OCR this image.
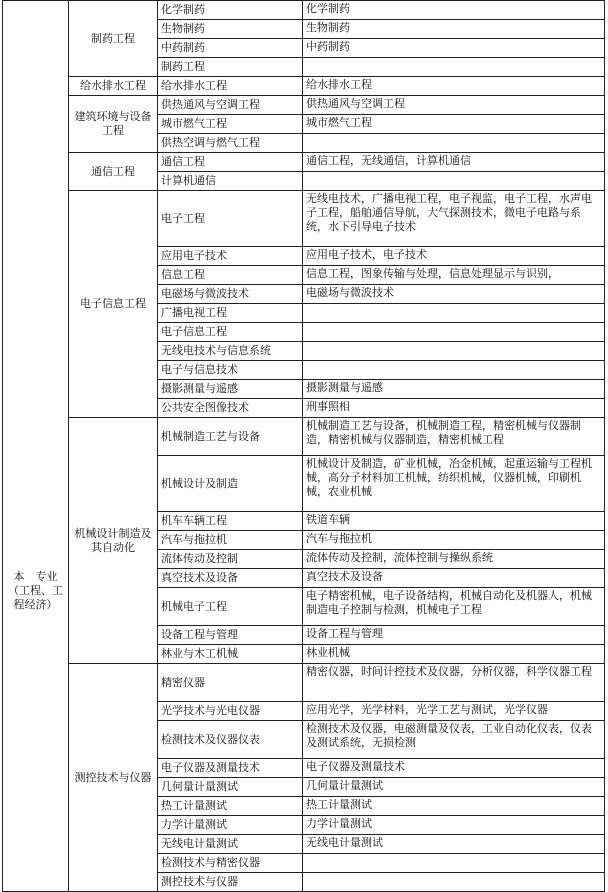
本　专业（工程、工程经济）	制药工程	化学制药	化学制药
		生物制药	生物制药
		中药制药	中药制药
		制药工程	
	给水排水工程	给水排水工程	给水排水工程
	建筑环境与设备工程	供热通风与空调工程	供热通风与空调工程
		城市燃气工程	城市燃气工程
		供热空调与燃气工程	
	通信工程	通信工程	通信工程，无线通信，计算机通信
		计算机通信	
	电子信息工程	电子工程	无线电技术，广播电视工程，电子视监，电子工程，水声电子工程，船舶通信导航，大气探测技术，微电子电路与系统，水下引导电子技术
		应用电子技术	应用电子技术，电子技术
		信息工程	信息工程，图象传输与处理，信息处理显示与识别，
		电磁场与微波技术	电磁场与微波技术
		广播电视工程	
		电子信息工程	
		无线电技术与信息系统	
		电子与信息技术	
		摄影测量与遥感	摄影测量与遥感
		公共安全图像技术	刑事照相
	机械设计制造及其自动化	机械制造工艺与设备	机械制造工艺与设备，机械制造工程，精密机械与仪器制造，精密机械与仪器制造，精密机械工程
		机械设计及制造	机械设计及制造，矿业机械，冶金机械，起重运输与工程机械，高分子材料加工机械，纺织机械，仪器机械，印刷机械，农业机械
		机车车辆工程	铁道车辆
		汽车与拖拉机	汽车与拖拉机
		流体传动及控制	流体传动及控制，流体控制与操纵系统
		真空技术及设备	真空技术及设备
		机械电子工程	电子精密机械，电子设备结构，机械自动化及机器人，机械制造电子控制与检测，机械电子工程
		设备工程与管理	设备工程与管理
		林业与木工机械	林业机械
	测控技术与仪器	精密仪器	精密仪器，时间计控技术及仪器，分析仪器，科学仪器工程
		光学技术与光电仪器	应用光学，光学材料，光学工艺与测试，光学仪器
		检测技术及仪器仪表	检测技术及仪器，电磁测量及仪表，工业自动化仪表，仪表及测试系统，无损检测
		电子仪器及测量技术	电子仪器及测量技术
		几何量计量测试	几何量计量测试
		热工计量测试	热工计量测试
		力学计量测试	力学计量测试
		无线电计量测试	无线电计量测试
		检测技术与精密仪器	
		测控技术与仪器	
